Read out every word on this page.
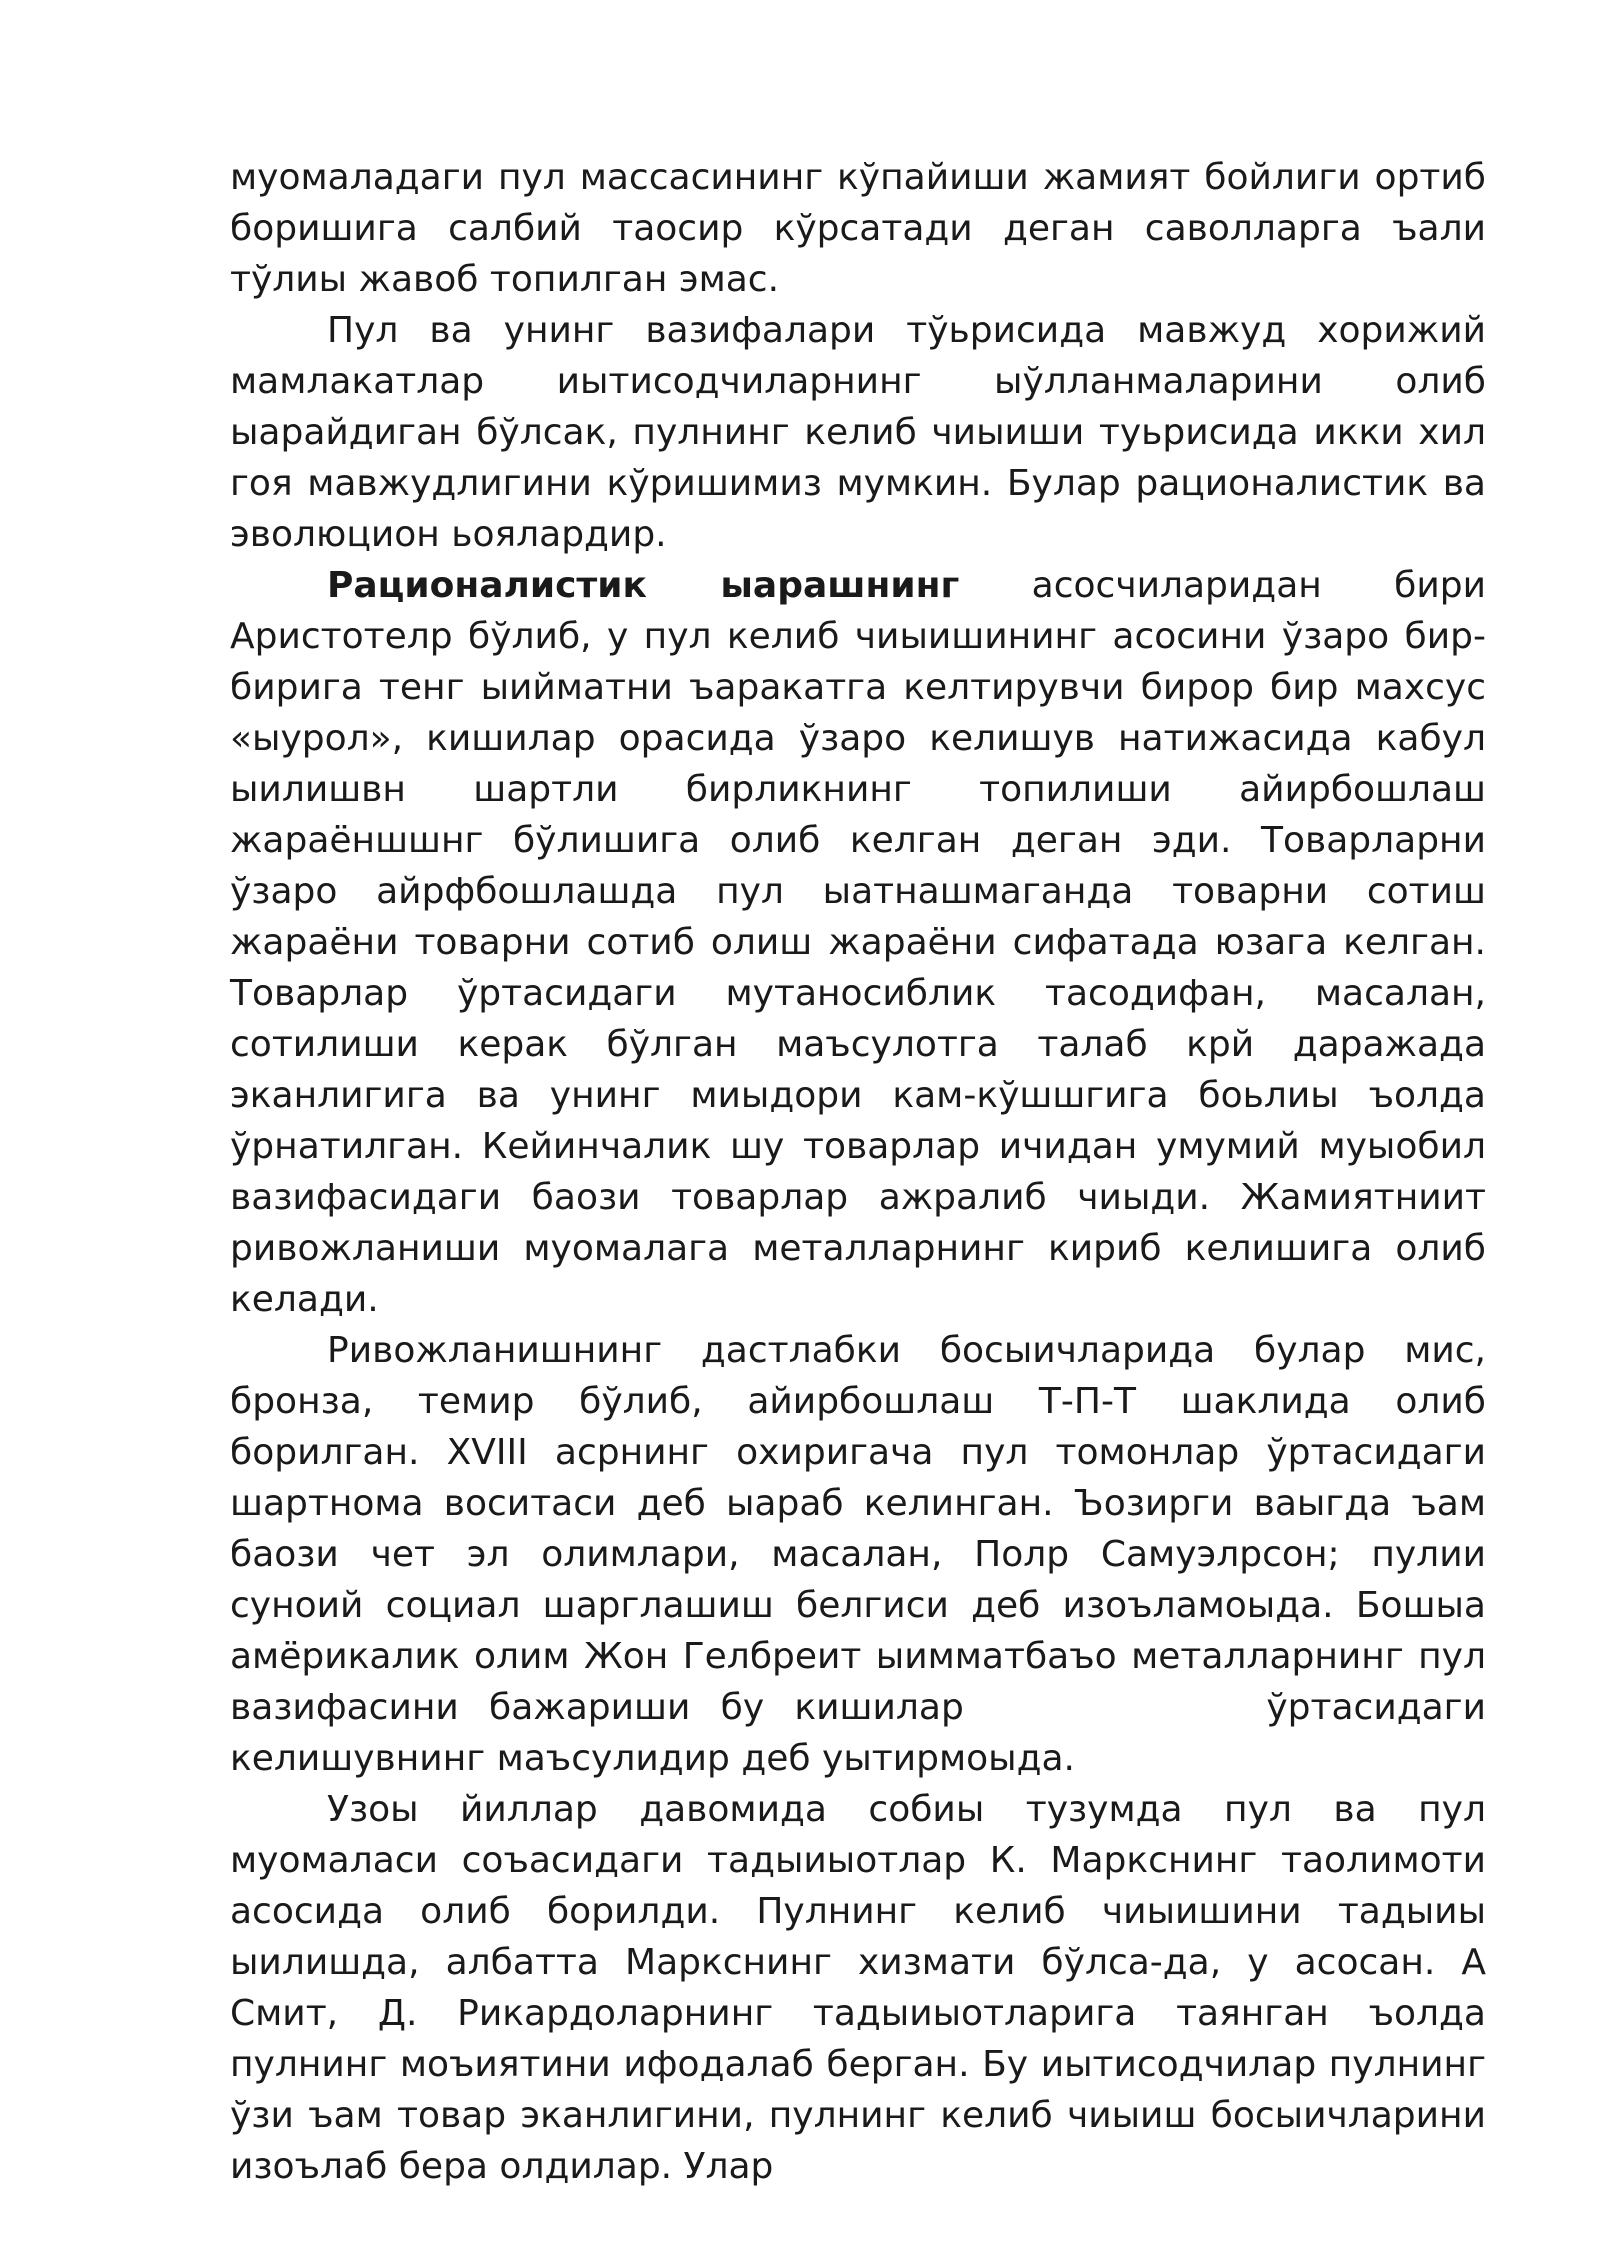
муомаладаги пул массасининг кўпайиши жамият бойлиги ортиб боришига салбий таосир кўрсатади деган саволларга ъали тўлиы жавоб топилган эмас.

Пул ва унинг вазифалари тўьрисида мавжуд хорижий мамлакатлар иытисодчиларнинг ыўлланмаларини олиб ыарайдиган бўлсак, пулнинг келиб чиыиши туьрисида икки хил гоя мавжудлигини кўришимиз мумкин. Булар рационалистик ва эволюцион ьоялардир.

Рационалистик ыарашнинг асосчиларидан бири Аристотелр бўлиб, у пул келиб чиыишининг асосини ўзаро бир-бирига тенг ыийматни ъаракатга келтирувчи бирор бир махсус «ыурол», кишилар орасида ўзаро келишув натижасида кабул ыилишвн шартли бирликнинг топилиши айирбошлаш жараёншшнг бўлишига олиб келган деган эди. Товарларни ўзаро айрфбошлашда пул ыатнашмаганда товарни сотиш жараёни товарни сотиб олиш жараёни сифатада юзага келган. Товарлар ўртасидаги мутаносиблик тасодифан, масалан, сотилиши керак бўлган маъсулотга талаб крй даражада эканлигига ва унинг миыдори кам-кўшшгига боьлиы ъолда ўрнатилган. Кейинчалик шу товарлар ичидан умумий муыобил вазифасидаги баози товарлар ажралиб чиыди. Жамиятниит ривожланиши муомалага металларнинг кириб келишига олиб келади.

Ривожланишнинг дастлабки босыичларида булар мис, бронза, темир бўлиб, айирбошлаш Т-П-Т шаклида олиб борилган. XVIII асрнинг охиригача пул томонлар ўртасидаги шартнома воситаси деб ыараб келинган. Ъозирги ваыгда ъам баози чет эл олимлари, масалан, Полр Самуэлрсон; пулии суноий социал шарглашиш белгиси деб изоъламоыда. Бошыа амёрикалик олим Жон Гелбреит ыимматбаъо металларнинг пул вазифасини бажариши бу кишилар          ўртасидаги келишувнинг маъсулидир деб уытирмоыда.

Узоы йиллар давомида собиы тузумда пул ва пул муомаласи соъасидаги тадыиыотлар К. Маркснинг таолимоти асосида олиб борилди. Пулнинг келиб чиыишини тадыиы ыилишда, албатта Маркснинг хизмати бўлса-да, у асосан. А Смит, Д. Рикардоларнинг тадыиыотларига таянган ъолда пулнинг моъиятини ифодалаб берган. Бу иытисодчилар пулнинг ўзи ъам товар эканлигини, пулнинг келиб чиыиш босыичларини изоълаб бера олдилар. Улар
